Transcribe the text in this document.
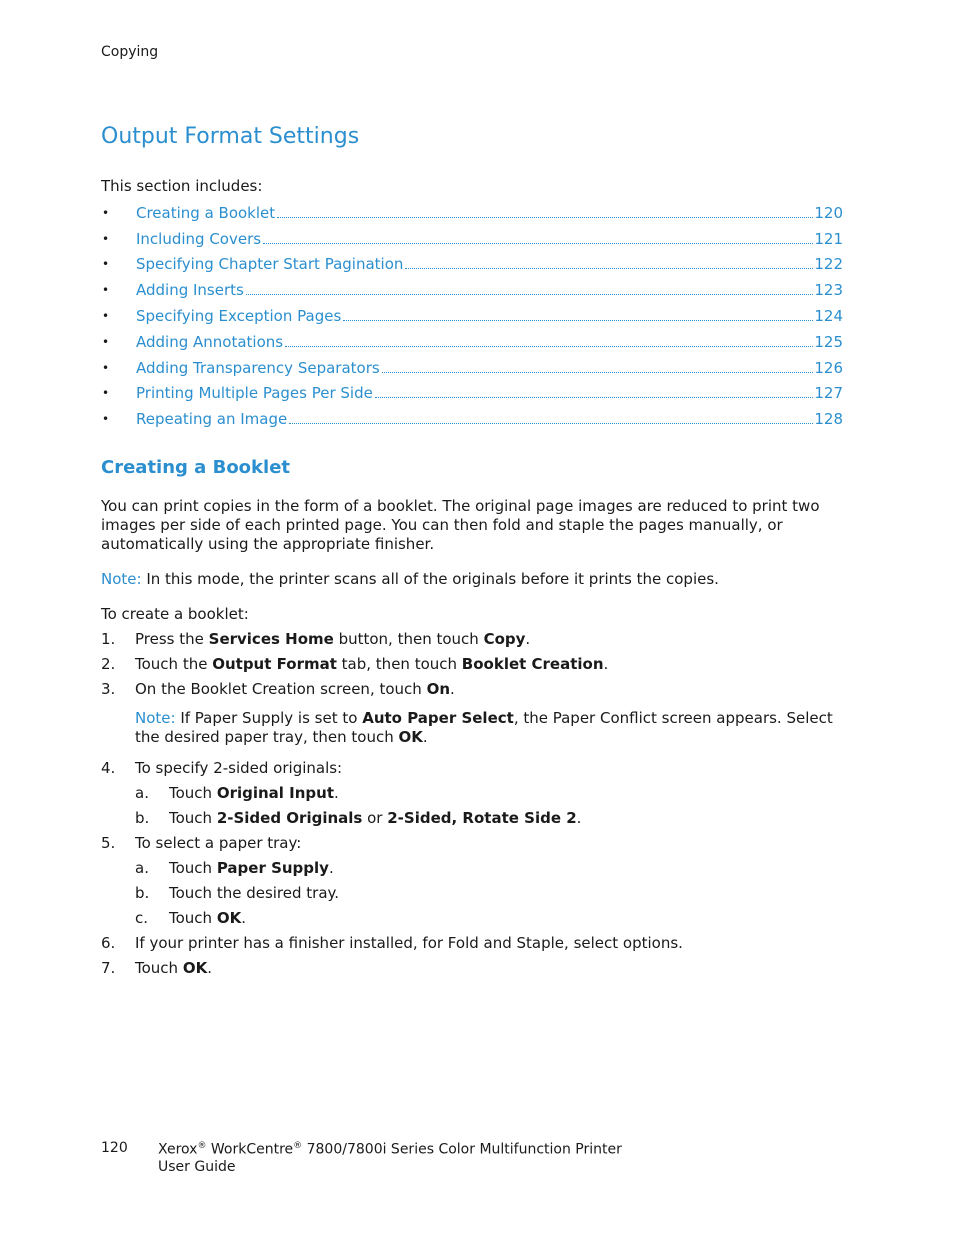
Copying
Output Format Settings
This section includes:
•	Creating a Booklet	120
•	Including Covers	121
•	Specifying Chapter Start Pagination	122
•	Adding Inserts	123
•	Specifying Exception Pages	124
•	Adding Annotations	125
•	Adding Transparency Separators	126
•	Printing Multiple Pages Per Side	127
•	Repeating an Image	128
Creating a Booklet
You can print copies in the form of a booklet. The original page images are reduced to print two images per side of each printed page. You can then fold and staple the pages manually, or automatically using the appropriate finisher.
Note: In this mode, the printer scans all of the originals before it prints the copies.
To create a booklet:
1. Press the Services Home button, then touch Copy.
2. Touch the Output Format tab, then touch Booklet Creation.
3. On the Booklet Creation screen, touch On.
Note: If Paper Supply is set to Auto Paper Select, the Paper Conflict screen appears. Select the desired paper tray, then touch OK.
4. To specify 2-sided originals:
a. Touch Original Input.
b. Touch 2-Sided Originals or 2-Sided, Rotate Side 2.
5. To select a paper tray:
a. Touch Paper Supply.
b. Touch the desired tray.
c. Touch OK.
6. If your printer has a finisher installed, for Fold and Staple, select options.
7. Touch OK.
120 Xerox® WorkCentre® 7800/7800i Series Color Multifunction Printer
User Guide
